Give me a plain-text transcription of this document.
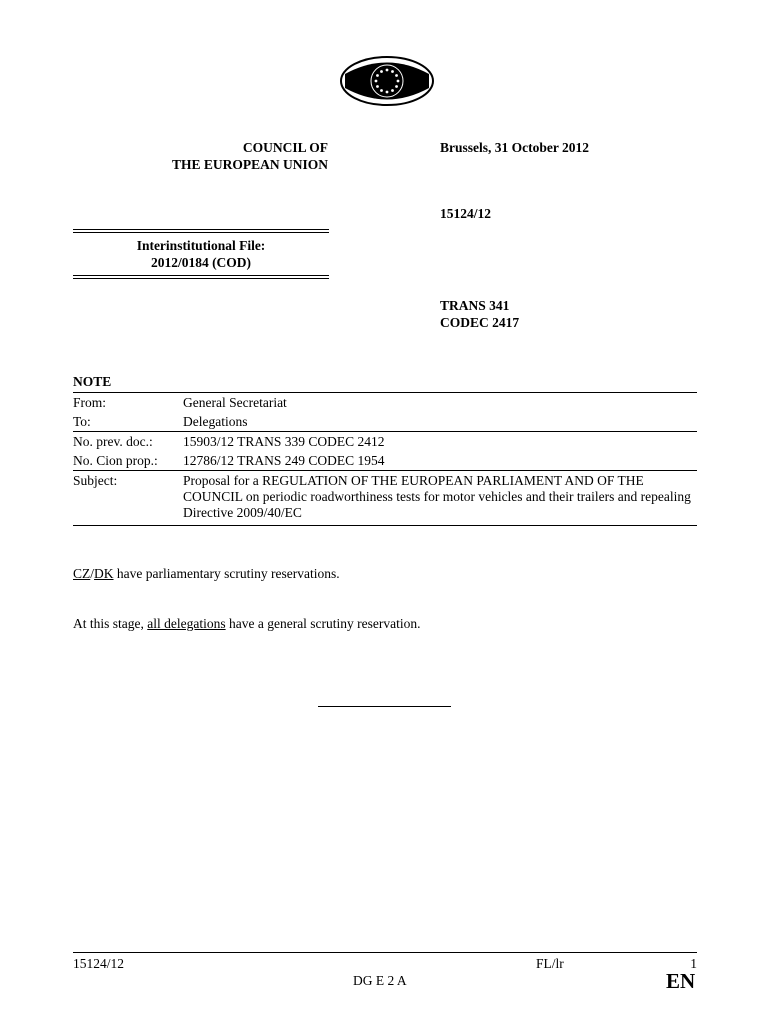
COUNCIL OF
THE EUROPEAN UNION
Brussels, 31 October 2012
15124/12
Interinstitutional File:
2012/0184 (COD)
TRANS 341
CODEC 2417
NOTE
From:	General Secretariat
To:	Delegations
No. prev. doc.:	15903/12 TRANS 339 CODEC 2412
No. Cion prop.:	12786/12 TRANS 249 CODEC 1954
Subject:	Proposal for a REGULATION OF THE EUROPEAN PARLIAMENT AND OF THE COUNCIL on periodic roadworthiness tests for motor vehicles and their trailers and repealing Directive 2009/40/EC
CZ/DK have parliamentary scrutiny reservations.
At this stage, all delegations have a general scrutiny reservation.
15124/12	FL/lr	1
DG E 2 A	EN
